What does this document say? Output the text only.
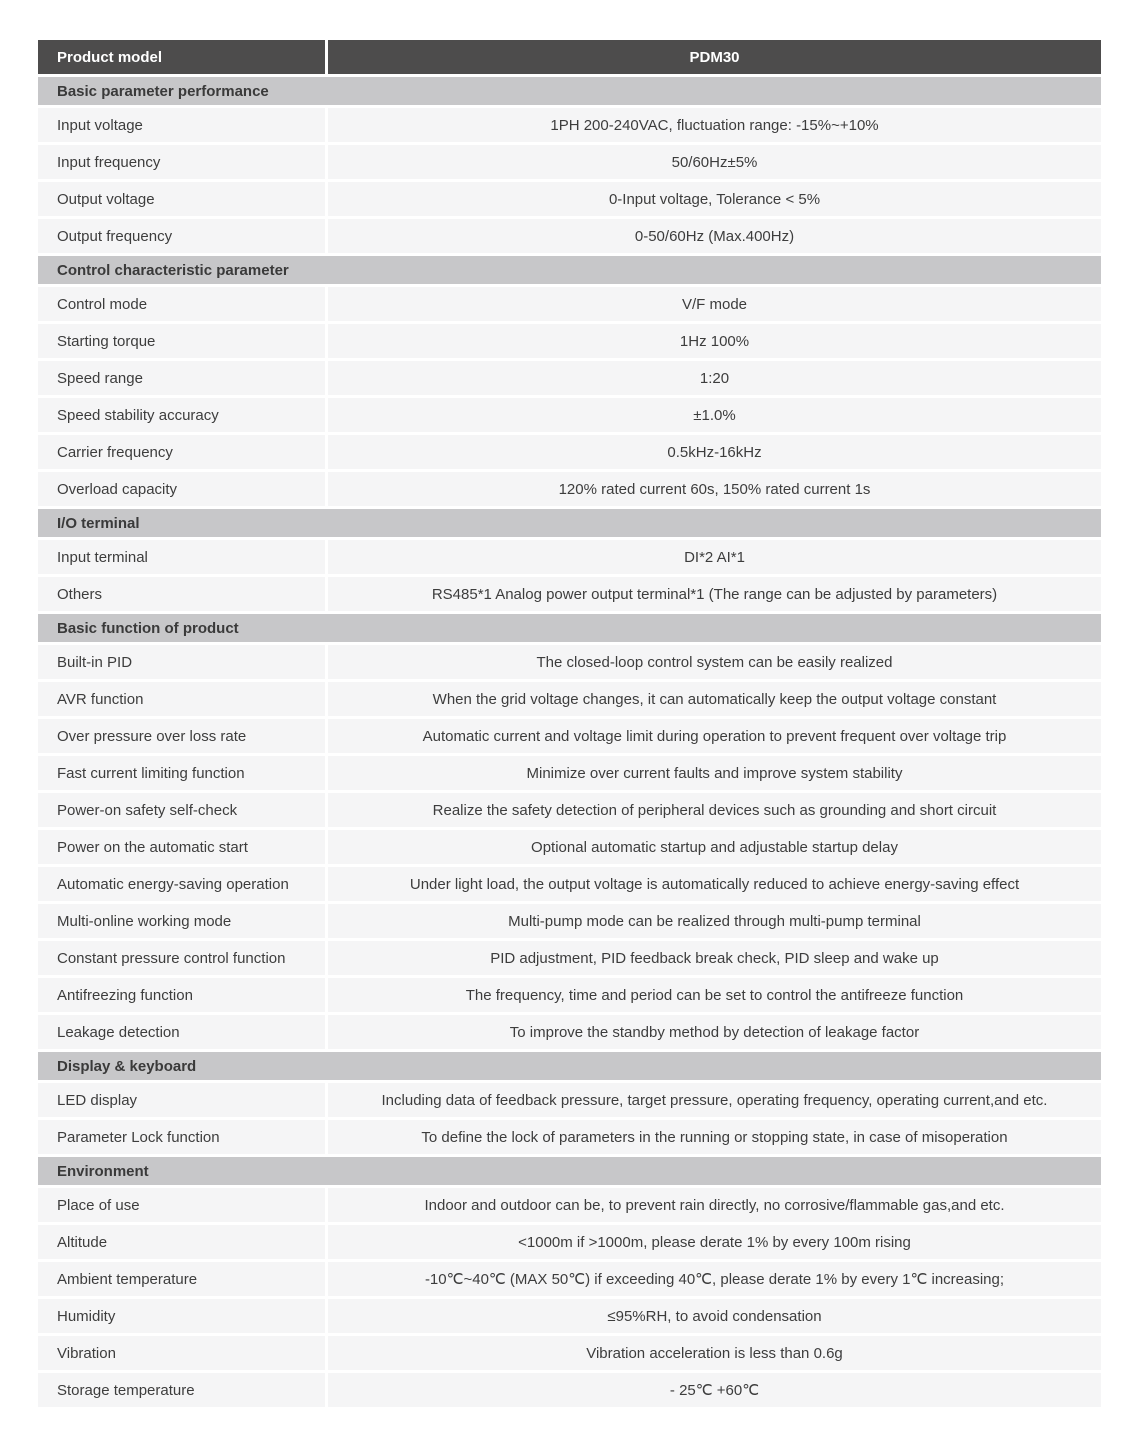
Product model	PDM30
Basic parameter performance
Input voltage	1PH 200-240VAC, fluctuation range: -15%~+10%
Input frequency	50/60Hz±5%
Output voltage	0-Input voltage, Tolerance < 5%
Output frequency	0-50/60Hz (Max.400Hz)
Control characteristic parameter
Control mode	V/F mode
Starting torque	1Hz 100%
Speed range	1:20
Speed stability accuracy	±1.0%
Carrier frequency	0.5kHz-16kHz
Overload capacity	120% rated current 60s, 150% rated current 1s
I/O terminal
Input terminal	DI*2 AI*1
Others	RS485*1 Analog power output terminal*1 (The range can be adjusted by parameters)
Basic function of product
Built-in PID	The closed-loop control system can be easily realized
AVR function	When the grid voltage changes, it can automatically keep the output voltage constant
Over pressure over loss rate	Automatic current and voltage limit during operation to prevent frequent over voltage trip
Fast current limiting function	Minimize over current faults and improve system stability
Power-on safety self-check	Realize the safety detection of peripheral devices such as grounding and short circuit
Power on the automatic start	Optional automatic startup and adjustable startup delay
Automatic energy-saving operation	Under light load, the output voltage is automatically reduced to achieve energy-saving effect
Multi-online working mode	Multi-pump mode can be realized through multi-pump terminal
Constant pressure control function	PID adjustment, PID feedback break check, PID sleep and wake up
Antifreezing function	The frequency, time and period can be set to control the antifreeze function
Leakage detection	To improve the standby method by detection of leakage factor
Display & keyboard
LED display	Including data of feedback pressure, target pressure, operating frequency, operating current,and etc.
Parameter Lock function	To define the lock of parameters in the running or stopping state, in case of misoperation
Environment
Place of use	Indoor and outdoor can be, to prevent rain directly, no corrosive/flammable gas,and etc.
Altitude	<1000m if >1000m, please derate 1% by every 100m rising
Ambient temperature	-10℃~40℃ (MAX 50℃) if exceeding 40℃, please derate 1% by every 1℃ increasing;
Humidity	≤95%RH, to avoid condensation
Vibration	Vibration acceleration is less than 0.6g
Storage temperature	- 25℃ +60℃
